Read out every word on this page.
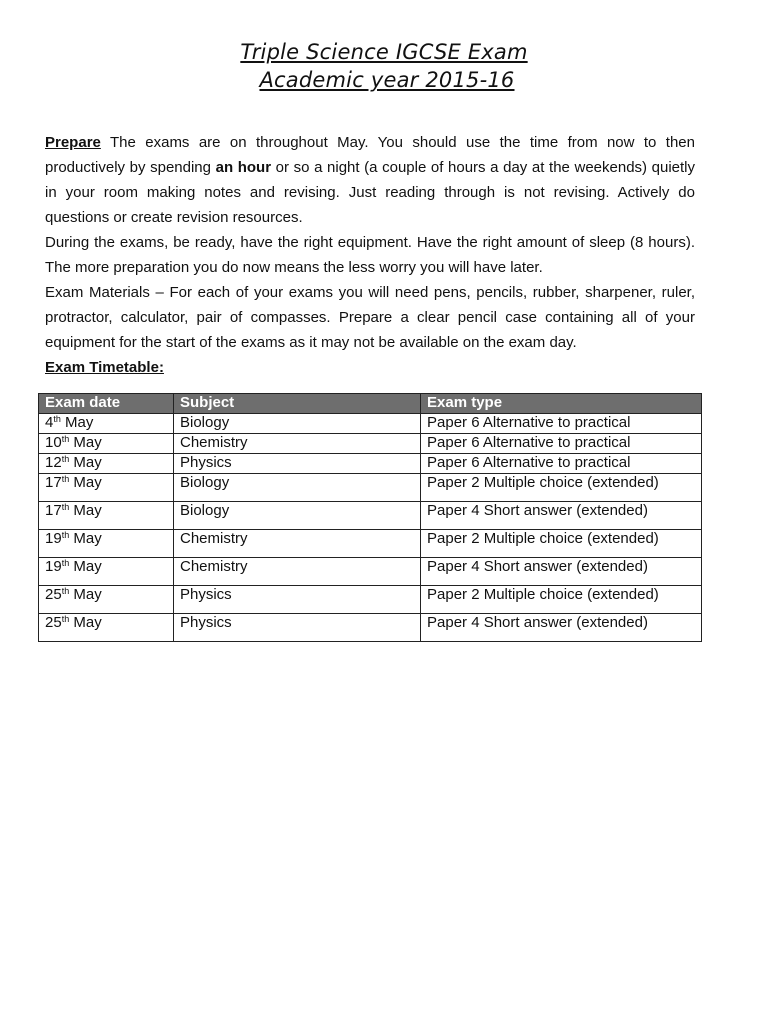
Triple Science IGCSE Exam
Academic year 2015-16

Prepare The exams are on throughout May. You should use the time from now to then productively by spending an hour or so a night (a couple of hours a day at the weekends) quietly in your room making notes and revising. Just reading through is not revising. Actively do questions or create revision resources.

During the exams, be ready, have the right equipment. Have the right amount of sleep (8 hours). The more preparation you do now means the less worry you will have later.

Exam Materials – For each of your exams you will need pens, pencils, rubber, sharpener, ruler, protractor, calculator, pair of compasses. Prepare a clear pencil case containing all of your equipment for the start of the exams as it may not be available on the exam day.

Exam Timetable:

Exam date	Subject	Exam type
4th May	Biology	Paper 6 Alternative to practical
10th May	Chemistry	Paper 6 Alternative to practical
12th May	Physics	Paper 6 Alternative to practical
17th May	Biology	Paper 2 Multiple choice (extended)
17th May	Biology	Paper 4 Short answer (extended)
19th May	Chemistry	Paper 2 Multiple choice (extended)
19th May	Chemistry	Paper 4 Short answer (extended)
25th May	Physics	Paper 2 Multiple choice (extended)
25th May	Physics	Paper 4 Short answer (extended)
